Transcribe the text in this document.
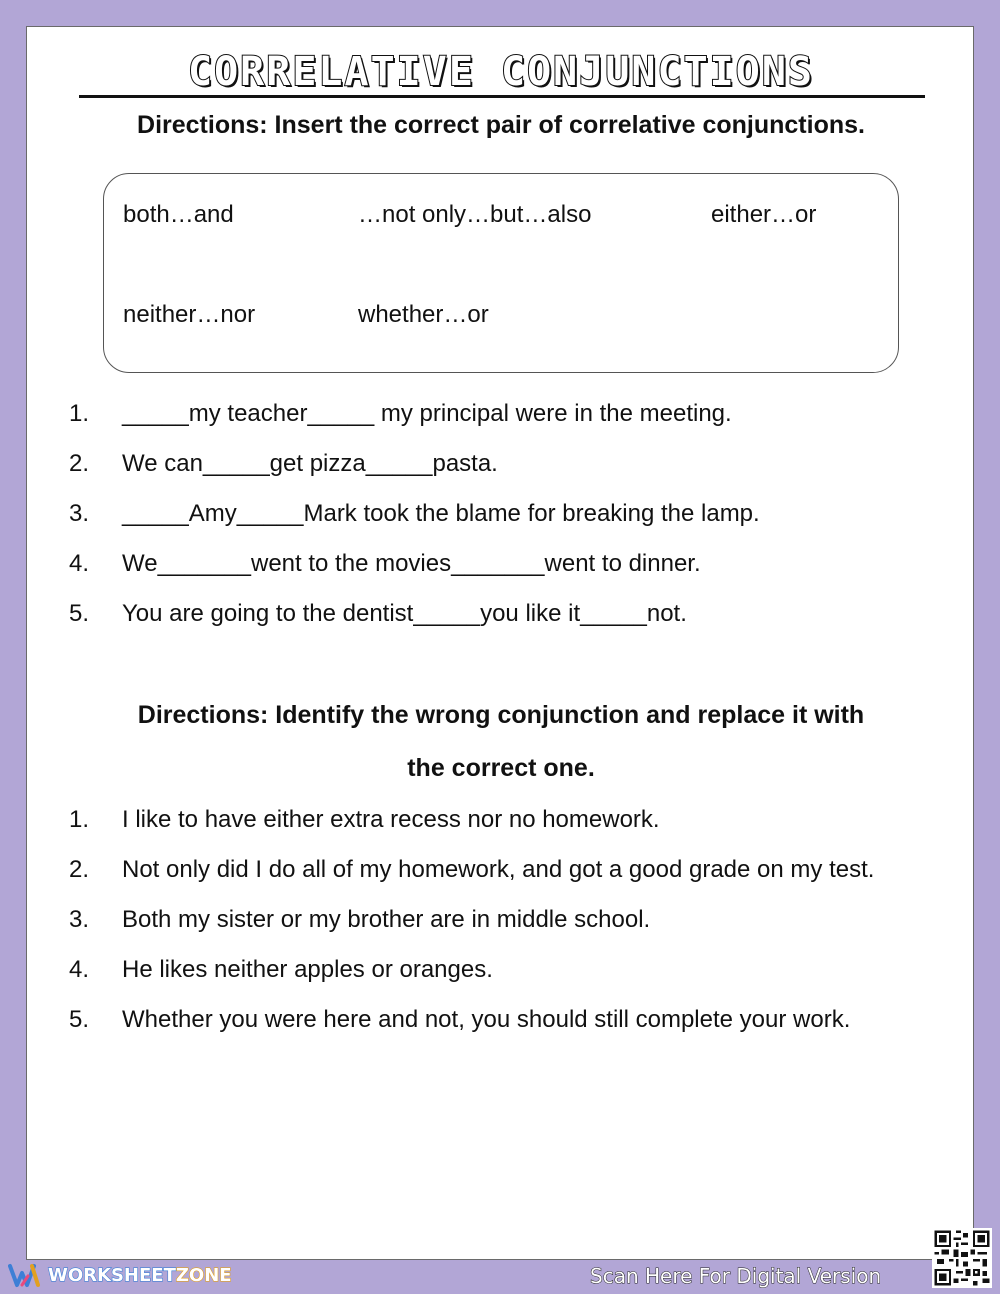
CORRELATIVE CONJUNCTIONS
Directions: Insert the correct pair of correlative conjunctions.
both…and	…not only…but…also	either…or
neither…nor	whether…or
1. _____my teacher_____ my principal were in the meeting.
2. We can_____get pizza_____pasta.
3. _____Amy_____Mark took the blame for breaking the lamp.
4. We_______went to the movies_______went to dinner.
5. You are going to the dentist_____you like it_____not.
Directions: Identify the wrong conjunction and replace it with
the correct one.
1. I like to have either extra recess nor no homework.
2. Not only did I do all of my homework, and got a good grade on my test.
3. Both my sister or my brother are in middle school.
4. He likes neither apples or oranges.
5. Whether you were here and not, you should still complete your work.
WORKSHEETZONE	Scan Here For Digital Version
